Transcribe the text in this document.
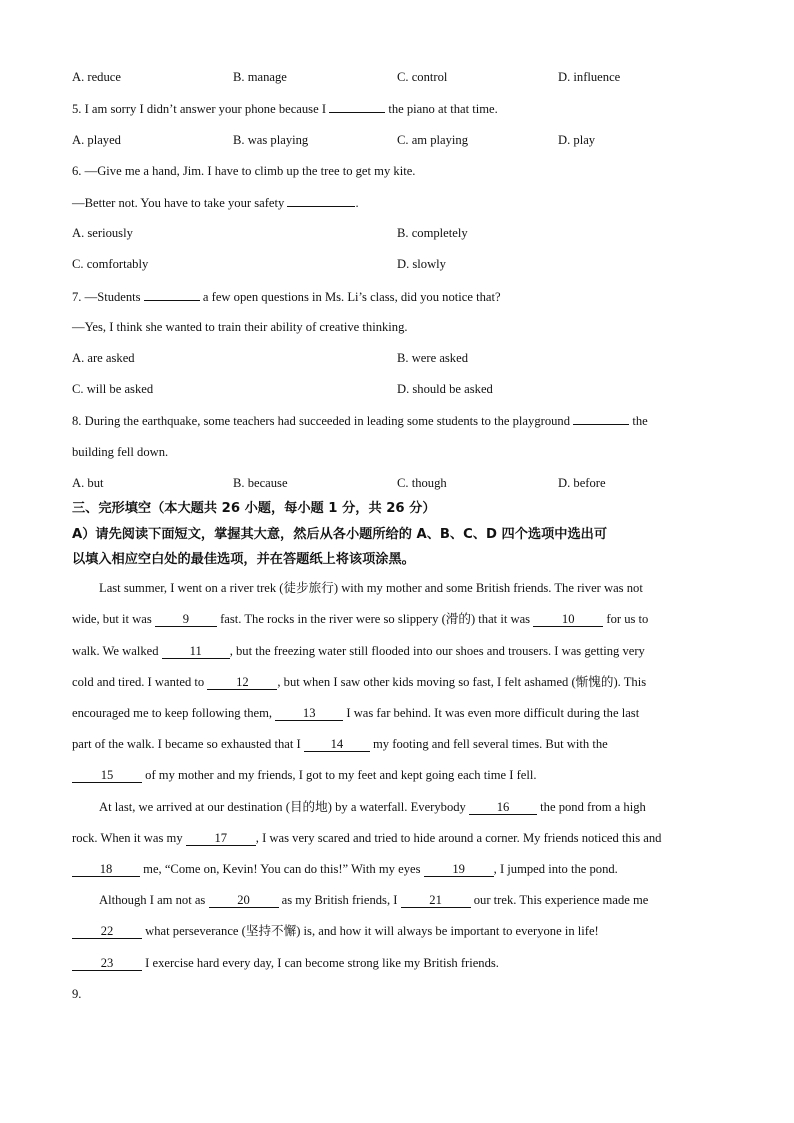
A. reduce	B. manage	C. control	D. influence
5. I am sorry I didn’t answer your phone because I	the piano at that time.
A. played	B. was playing	C. am playing	D. play
6. —Give me a hand, Jim. I have to climb up the tree to get my kite.
—Better not. You have to take your safety	.
A. seriously	B. completely
C. comfortably	D. slowly
7. —Students	a few open questions in Ms. Li’s class, did you notice that?
—Yes, I think she wanted to train their ability of creative thinking.
A. are asked	B. were asked
C. will be asked	D. should be asked
8. During the earthquake, some teachers had succeeded in leading some students to the playground	the
building fell down.
A. but	B. because	C. though	D. before
三、完形填空（本大题共 26 小题，每小题 1 分，共 26 分）
A）请先阅读下面短文，掌握其大意，然后从各小题所给的 A、B、C、D 四个选项中选出可
以填入相应空白处的最佳选项，并在答题纸上将该项涂黑。
Last summer, I went on a river trek (徒步旅行) with my mother and some British friends. The river was not
wide, but it was 9 fast. The rocks in the river were so slippery (滑的) that it was	10	for us to
walk. We walked 11 , but the freezing water still flooded into our shoes and trousers. I was getting very
cold and tired. I wanted to	12 , but when I saw other kids moving so fast, I felt ashamed (惭愧的). This
encouraged me to keep following them, 13 I was far behind. It was even more difficult during the last
part of the walk. I became so exhausted that I 14 my footing and fell several times. But with the
15	of my mother and my friends, I got to my feet and kept going each time I fell.
At last, we arrived at our destination (目的地) by a waterfall. Everybody 16 the pond from a high
rock. When it was my	17 , I was very scared and tried to hide around a corner. My friends noticed this and
18 me, “Come on, Kevin! You can do this!” With my eyes	19 , I jumped into the pond.
Although I am not as	20	as my British friends, I	21	our trek. This experience made me
22	what perseverance (坚持不懈) is, and how it will always be important to everyone in life!
23	I exercise hard every day, I can become strong like my British friends.
9.
